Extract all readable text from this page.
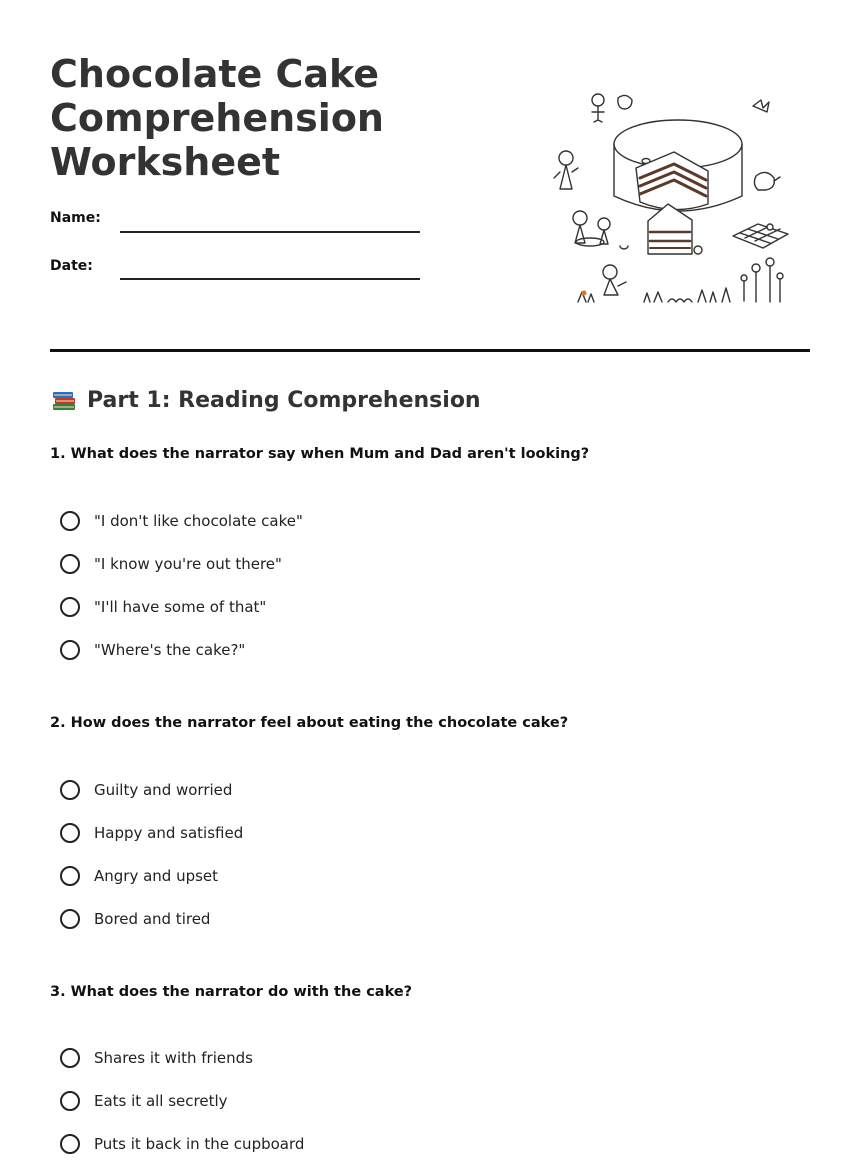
Chocolate Cake Comprehension Worksheet
Name:
Date:
Part 1: Reading Comprehension
1. What does the narrator say when Mum and Dad aren't looking?
"I don't like chocolate cake"
"I know you're out there"
"I'll have some of that"
"Where's the cake?"
2. How does the narrator feel about eating the chocolate cake?
Guilty and worried
Happy and satisfied
Angry and upset
Bored and tired
3. What does the narrator do with the cake?
Shares it with friends
Eats it all secretly
Puts it back in the cupboard
